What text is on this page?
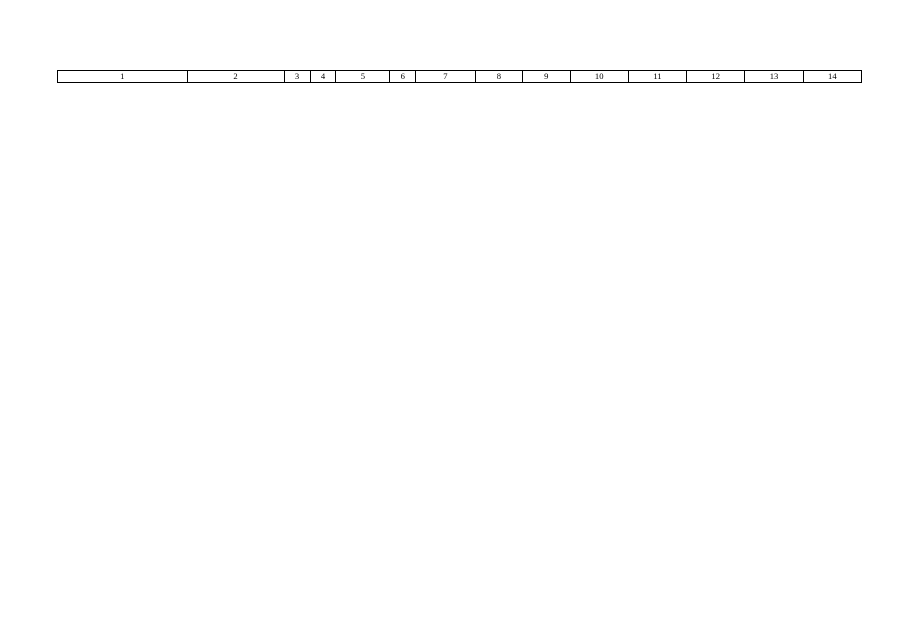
1	2	3	4	5	6	7	8	9	10	11	12	13	14
